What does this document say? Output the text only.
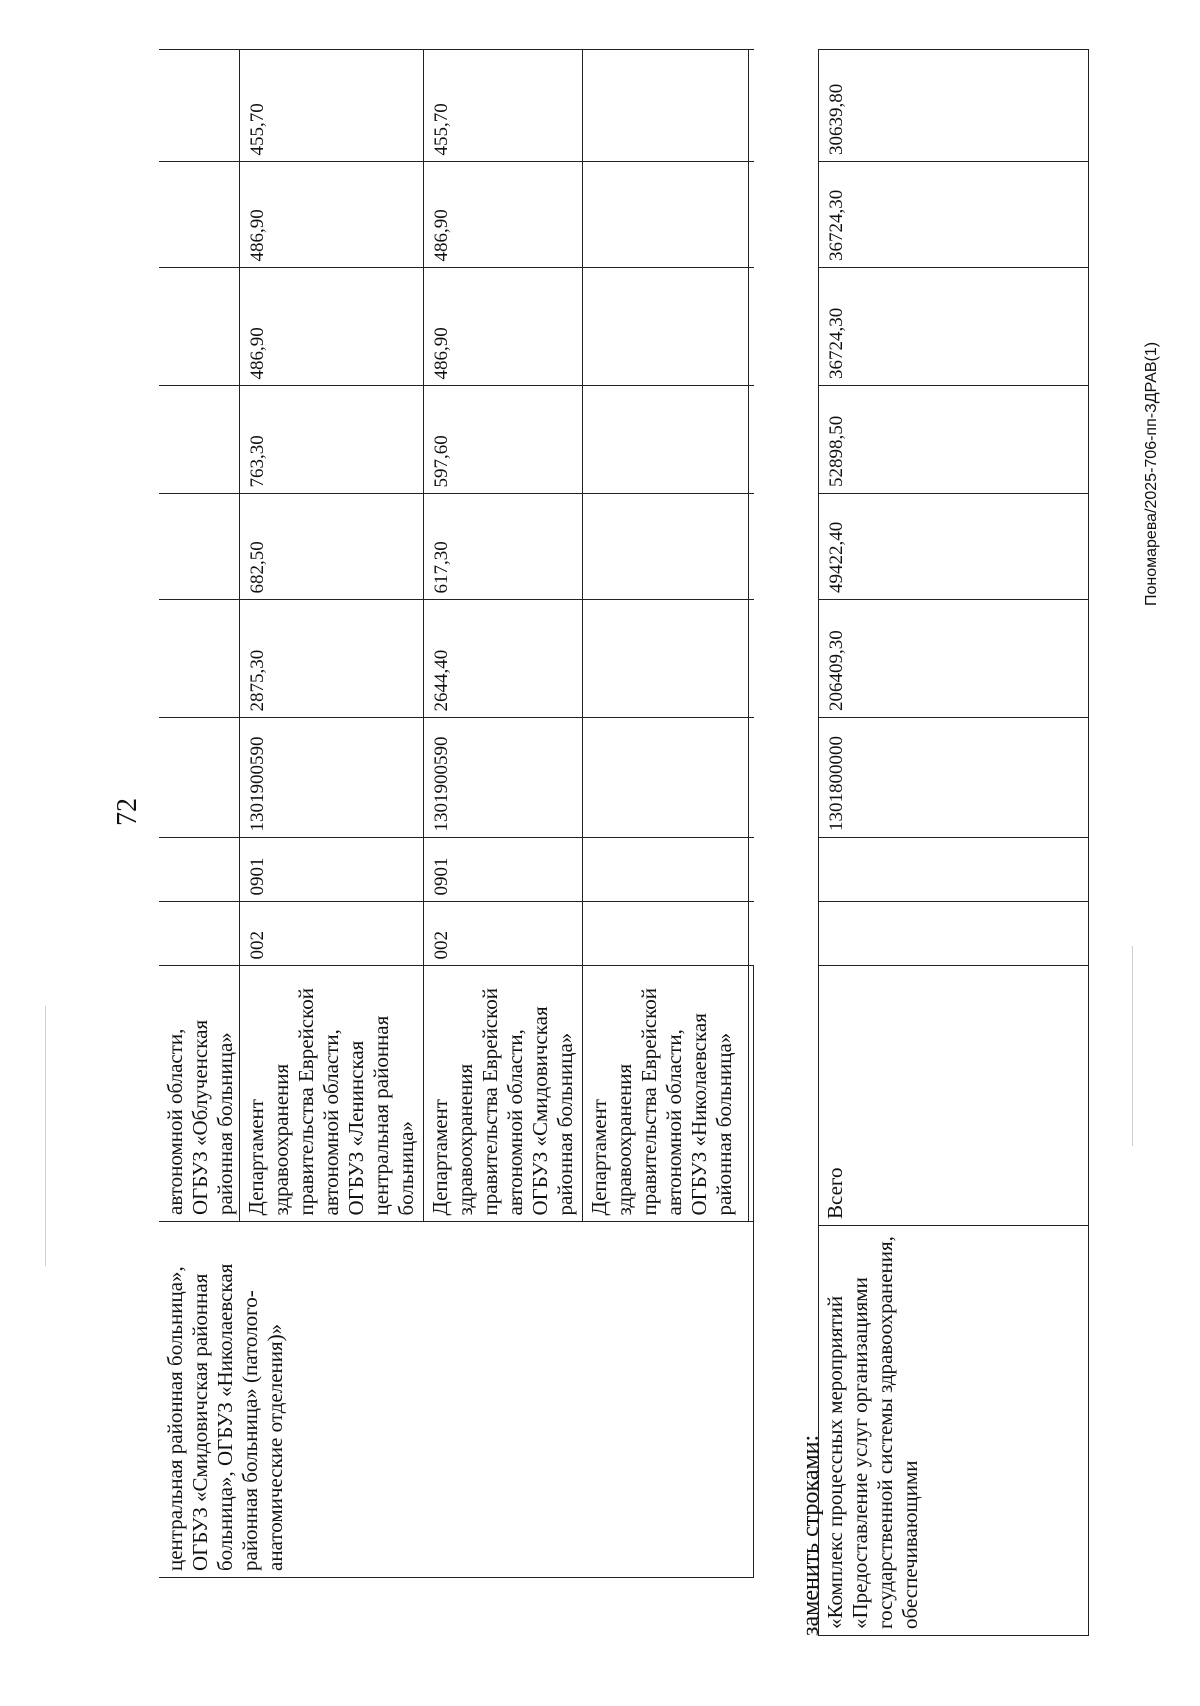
72
центральная районная больница», ОГБУЗ «Смидовичская районная больница», ОГБУЗ «Николаевская районная больница» (патолого-анатомические отделения)»	автономной области, ОГБУЗ «Облученская районная больница»									

	Департамент здравоохранения правительства Еврейской автономной области, ОГБУЗ «Ленинская центральная районная больница»	002	0901	1301900590	2875,30	682,50	763,30	486,90	486,90	455,70
	Департамент здравоохранения правительства Еврейской автономной области, ОГБУЗ «Смидовичская районная больница»	002	0901	1301900590	2644,40	617,30	597,60	486,90	486,90	455,70
	Департамент здравоохранения правительства Еврейской автономной области, ОГБУЗ «Николаевская районная больница»									
заменить строками: «Комплекс процессных мероприятий «Предоставление услуг организациями государственной системы здравоохранения, обеспечивающими	Всего			1301800000	206409,30	49422,40	52898,50	36724,30	36724,30	30639,80
Пономарева/2025-706-пп-ЗДРАВ(1)
